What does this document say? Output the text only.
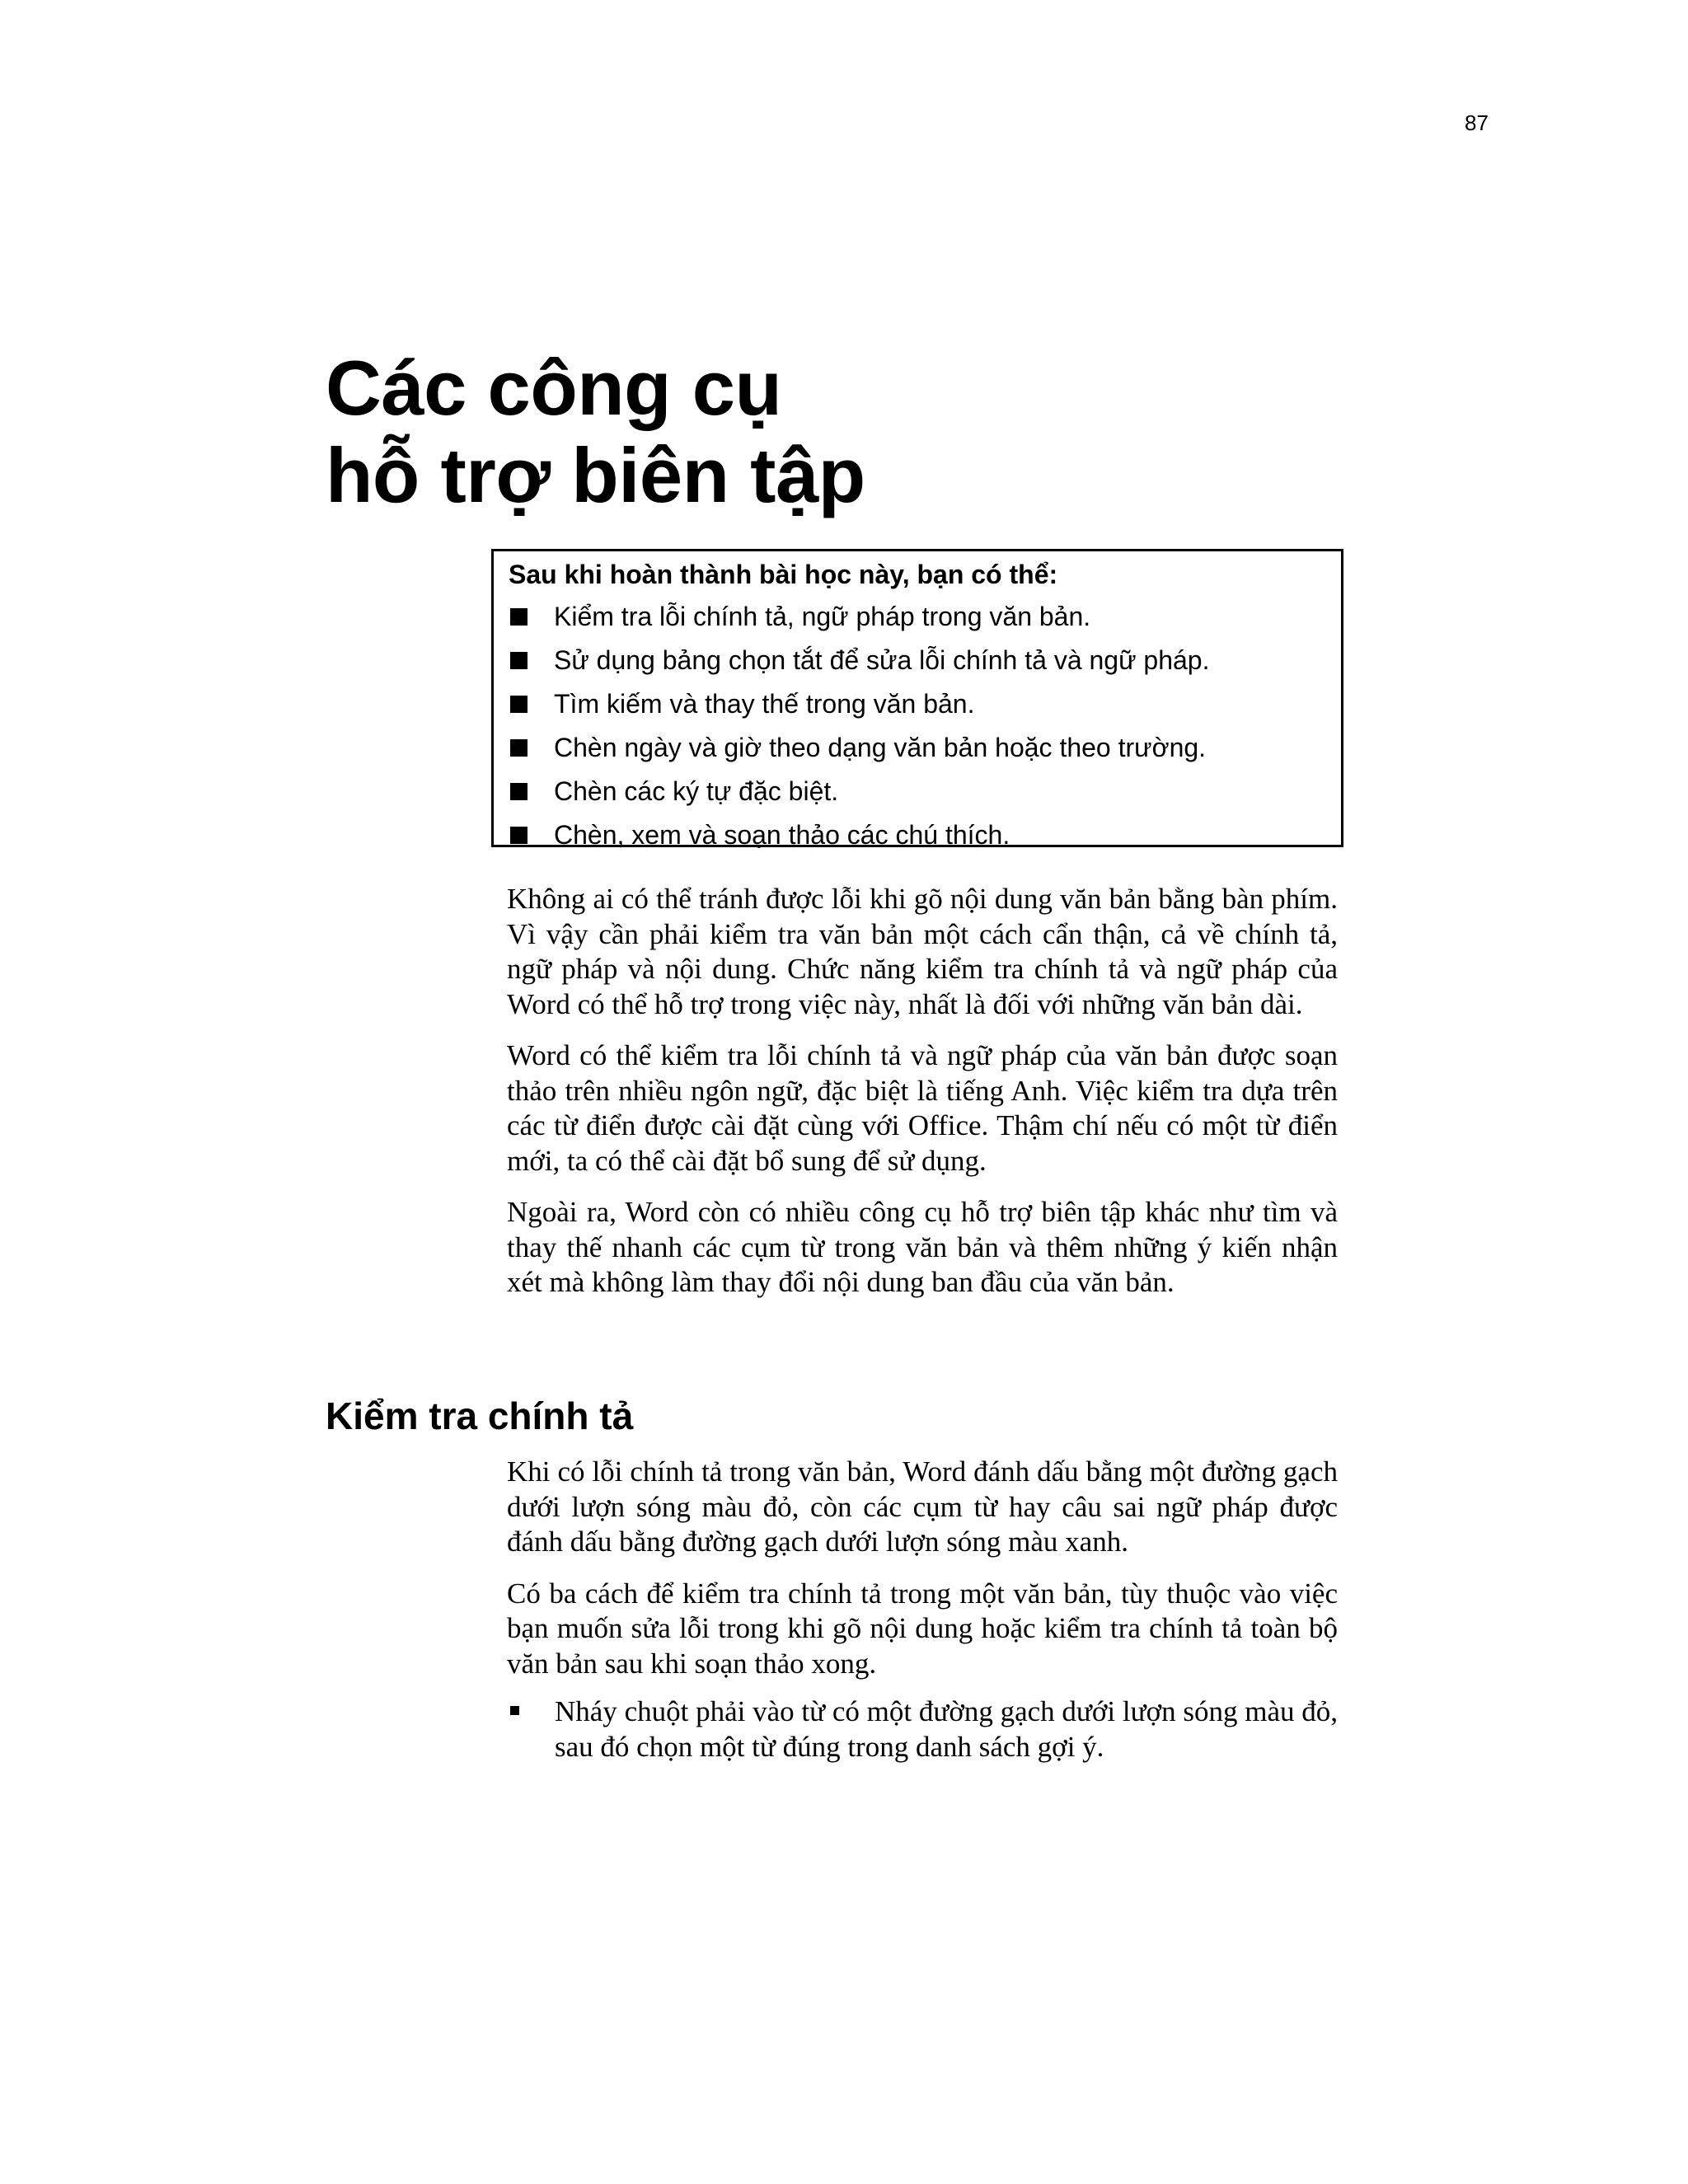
87
Các công cụ
hỗ trợ biên tập
Sau khi hoàn thành bài học này, bạn có thể:
Kiểm tra lỗi chính tả, ngữ pháp trong văn bản.
Sử dụng bảng chọn tắt để sửa lỗi chính tả và ngữ pháp.
Tìm kiếm và thay thế trong văn bản.
Chèn ngày và giờ theo dạng văn bản hoặc theo trường.
Chèn các ký tự đặc biệt.
Chèn, xem và soạn thảo các chú thích.

Không ai có thể tránh được lỗi khi gõ nội dung văn bản bằng bàn phím. Vì vậy cần phải kiểm tra văn bản một cách cẩn thận, cả về chính tả, ngữ pháp và nội dung. Chức năng kiểm tra chính tả và ngữ pháp của Word có thể hỗ trợ trong việc này, nhất là đối với những văn bản dài.

Word có thể kiểm tra lỗi chính tả và ngữ pháp của văn bản được soạn thảo trên nhiều ngôn ngữ, đặc biệt là tiếng Anh. Việc kiểm tra dựa trên các từ điển được cài đặt cùng với Office. Thậm chí nếu có một từ điển mới, ta có thể cài đặt bổ sung để sử dụng.

Ngoài ra, Word còn có nhiều công cụ hỗ trợ biên tập khác như tìm và thay thế nhanh các cụm từ trong văn bản và thêm những ý kiến nhận xét mà không làm thay đổi nội dung ban đầu của văn bản.

Kiểm tra chính tả

Khi có lỗi chính tả trong văn bản, Word đánh dấu bằng một đường gạch dưới lượn sóng màu đỏ, còn các cụm từ hay câu sai ngữ pháp được đánh dấu bằng đường gạch dưới lượn sóng màu xanh.

Có ba cách để kiểm tra chính tả trong một văn bản, tùy thuộc vào việc bạn muốn sửa lỗi trong khi gõ nội dung hoặc kiểm tra chính tả toàn bộ văn bản sau khi soạn thảo xong.

Nháy chuột phải vào từ có một đường gạch dưới lượn sóng màu đỏ, sau đó chọn một từ đúng trong danh sách gợi ý.
